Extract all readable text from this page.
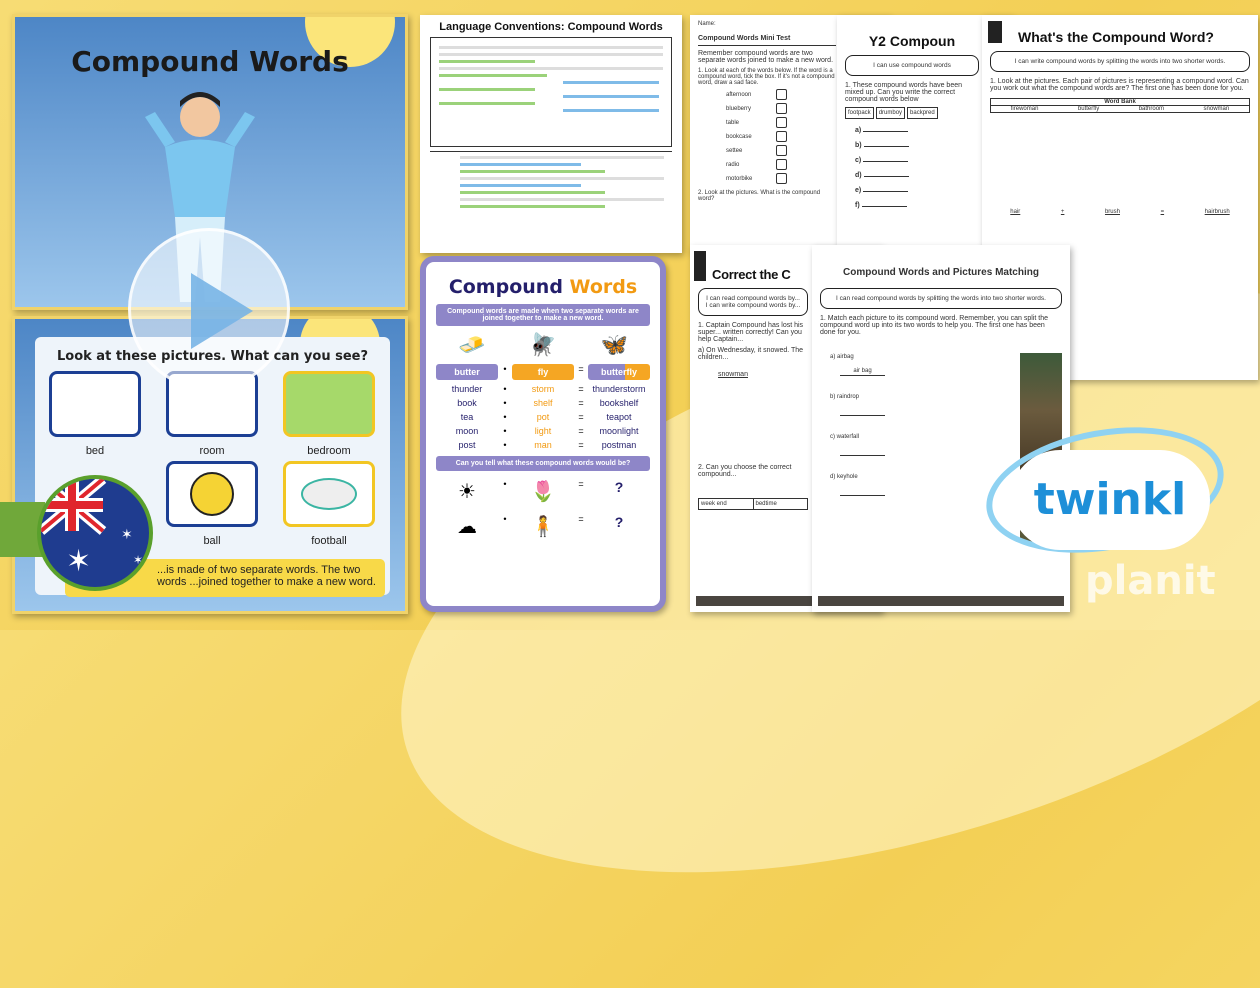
Compound Words
Look at these pictures. What can you see?
bed	room	bedroom
ball	football
...is made of two separate words. The two words ...joined together to make a new word.
✶
✶
✶
Language Conventions: Compound Words
Compound Words
Compound words are made when two separate words are joined together to make a new word.
🧈 🪰 🦋
butter	•	fly	=	butterfly
thunder	•	storm	= thunderstorm
book	•	shelf	=	bookshelf
tea	•	pot	=	teapot
moon	•	light	=	moonlight
post	•	man	=	postman
Can you tell what these compound words would be?
☀	•	🌷	=	?
☁	•	🧍	=	?
Name:
Compound Words Mini Test
Remember compound words are two separate words joined to make a new word.
1. Look at each of the words below. If the word is a compound word, tick the box. If it's not a compound word, draw a sad face.
afternoon
blueberry
table
bookcase
settee
radio
motorbike
2. Look at the pictures. What is the compound word?
Y2 Compoun
I can use compound words
1. These compound words have been mixed up. Can you write the correct compound words below
footpack	drumboy	backpred
a)
b)
c)
d)
e)
f)
What's the Compound Word?
I can write compound words by splitting the words into two shorter words.
1. Look at the pictures. Each pair of pictures is representing a compound word. Can you work out what the compound words are? The first one has been done for you.
Word Bank
firewoman	butterfly	bathroom	snowman
hair	+	brush	=	hairbrush
Correct the C
I can read compound words by...
I can write compound words by...
1. Captain Compound has lost his super... written correctly! Can you help Captain...
a) On Wednesday, it snowed. The children...
snowman
2. Can you choose the correct compound...
week end	bedtime
Compound Words and Pictures Matching
I can read compound words by splitting the words into two shorter words.
1. Match each picture to its compound word. Remember, you can split the compound word up into its two words to help you. The first one has been done for you.
a) airbag
air bag
b) raindrop
c) waterfall
d) keyhole	twinkl
planit
